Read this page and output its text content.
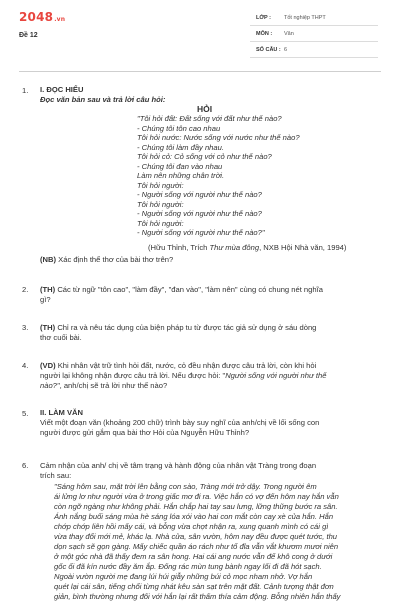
2048.vn
Đề 12
LỚP : Tốt nghiệp THPT
MÔN : Văn
SỐ CÂU : 6
1. I. ĐỌC HIỂU
Đọc văn bản sau và trả lời câu hỏi:
HỎI
"Tôi hỏi đất: Đất sống với đất như thế nào?
- Chúng tôi tôn cao nhau
Tôi hỏi nước: Nước sống với nước như thế nào?
- Chúng tôi làm đầy nhau.
Tôi hỏi cỏ: Cỏ sống với cỏ như thế nào?
- Chúng tôi đan vào nhau
Làm nên những chân trời.
Tôi hỏi người:
- Người sống với người như thế nào?
Tôi hỏi người:
- Người sống với người như thế nào?
Tôi hỏi người:
- Người sống với người như thế nào?"
(Hữu Thỉnh, Trích Thư mùa đông, NXB Hội Nhà văn, 1994)
(NB) Xác định thể thơ của bài thơ trên?
2. (TH) Các từ ngữ "tôn cao", "làm đầy", "đan vào", "làm nên" cùng có chung nét nghĩa
gì?
3. (TH) Chỉ ra và nêu tác dụng của biện pháp tu từ được tác giả sử dụng ở sáu dòng
thơ cuối bài.
4. (VD) Khi nhân vật trữ tình hỏi đất, nước, cỏ đều nhận được câu trả lời, còn khi hỏi
người lại không nhận được câu trả lời. Nếu được hỏi: "Người sống với người như thế
nào?", anh/chị sẽ trả lời như thế nào?
5. II. LÀM VĂN
Viết một đoạn văn (khoảng 200 chữ) trình bày suy nghĩ của anh/chị về lối sống con
người được gửi gắm qua bài thơ Hỏi của Nguyễn Hữu Thỉnh?
6. Cảm nhận của anh/ chị về tâm trạng và hành động của nhân vật Tràng trong đoạn
trích sau:
"Sáng hôm sau, mặt trời lên bằng con sào, Tràng mới trở dậy. Trong người êm
ái lửng lơ như người vừa ở trong giấc mơ đi ra. Việc hắn có vợ đến hôm nay hắn vẫn
còn ngỡ ngàng như không phải. Hắn chắp hai tay sau lưng, lững thững bước ra sân.
Ánh nắng buổi sáng mùa hè sáng lóa xói vào hai con mắt còn cay xè của hắn. Hắn
chớp chớp liên hồi mấy cái, và bỗng vừa chợt nhận ra, xung quanh mình có cái gì
vừa thay đổi mới mẻ, khác lạ. Nhà cửa, sân vườn, hôm nay đều được quét tước, thu
dọn sạch sẽ gọn gàng. Mấy chiếc quần áo rách như tổ đỉa vẫn vắt khươm mươi niên
ở một góc nhà đã thấy đem ra sân hong. Hai cái ang nước vẫn để khô cong ở dưới
gốc ổi đã kín nước đầy ăm ắp. Đống rác mùn tung bành ngay lối đi đã hót sạch.
Ngoài vườn người mẹ đang lúi húi giẫy những búi cỏ mọc nham nhở. Vợ hắn
quét lại cái sân, tiếng chổi từng nhát kêu sàn sạt trên mặt đất. Cảnh tượng thật đơn
giản, bình thường nhưng đối với hắn lại rất thấm thía cảm động. Bỗng nhiên hắn thấy
